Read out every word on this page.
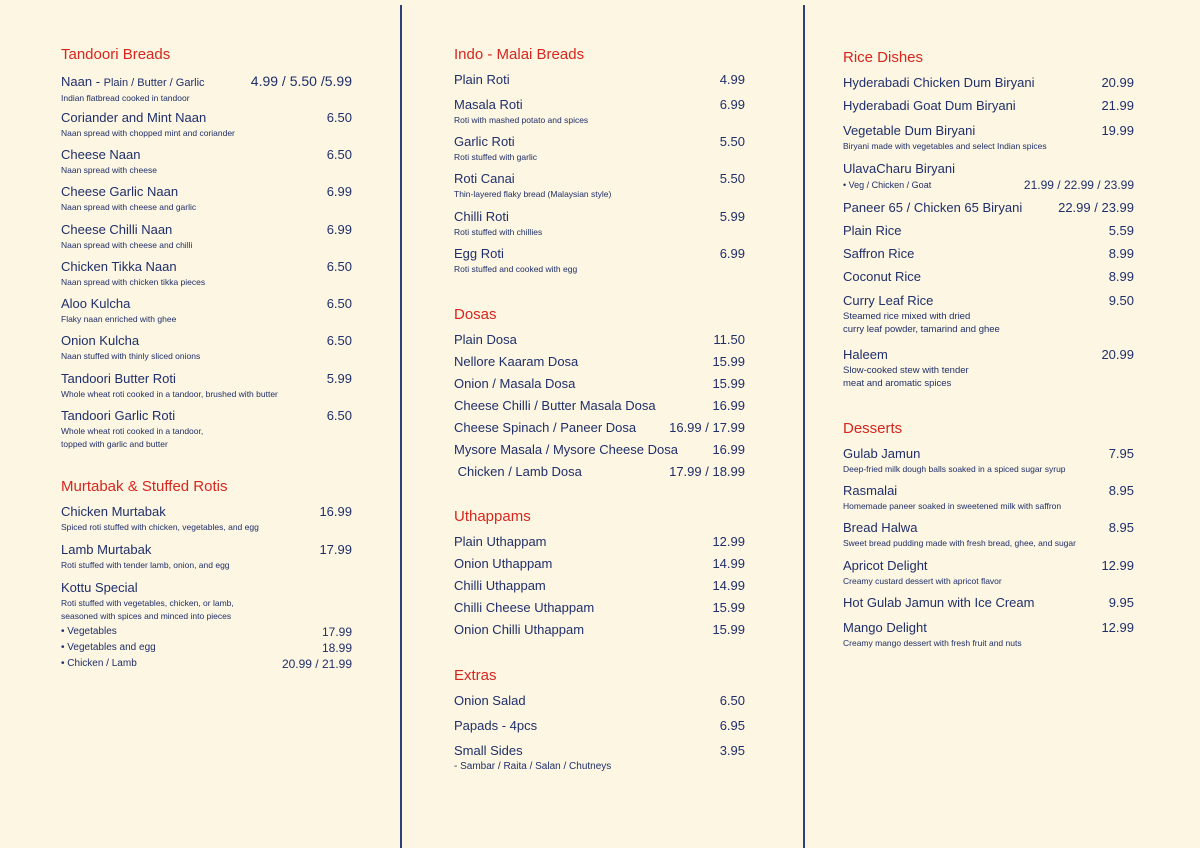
Tandoori Breads
Naan - Plain / Butter / Garlic	4.99 / 5.50 /5.99
Indian flatbread cooked in tandoor
Coriander and Mint Naan	6.50
Naan spread with chopped mint and coriander
Cheese Naan	6.50
Naan spread with cheese
Cheese Garlic Naan	6.99
Naan spread with cheese and garlic
Cheese Chilli Naan	6.99
Naan spread with cheese and chilli
Chicken Tikka Naan	6.50
Naan spread with chicken tikka pieces
Aloo Kulcha	6.50
Flaky naan enriched with ghee
Onion Kulcha	6.50
Naan stuffed with thinly sliced onions
Tandoori Butter Roti	5.99
Whole wheat roti cooked in a tandoor, brushed with butter
Tandoori Garlic Roti	6.50
Whole wheat roti cooked in a tandoor,
topped with garlic and butter
Murtabak & Stuffed Rotis
Chicken Murtabak	16.99
Spiced roti stuffed with chicken, vegetables, and egg
Lamb Murtabak	17.99
Roti stuffed with tender lamb, onion, and egg
Kottu Special
Roti stuffed with vegetables, chicken, or lamb,
seasoned with spices and minced into pieces
• Vegetables	17.99
• Vegetables and egg	18.99
• Chicken / Lamb	20.99 / 21.99
Indo - Malai Breads
Plain Roti	4.99
Masala Roti	6.99
Roti with mashed potato and spices
Garlic Roti	5.50
Roti stuffed with garlic
Roti Canai	5.50
Thin-layered flaky bread (Malaysian style)
Chilli Roti	5.99
Roti stuffed with chillies
Egg Roti	6.99
Roti stuffed and cooked with egg
Dosas
Plain Dosa	11.50
Nellore Kaaram Dosa	15.99
Onion / Masala Dosa	15.99
Cheese Chilli / Butter Masala Dosa	16.99
Cheese Spinach / Paneer Dosa	16.99 / 17.99
Mysore Masala / Mysore Cheese Dosa	16.99
Chicken / Lamb Dosa	17.99 / 18.99
Uthappams
Plain Uthappam	12.99
Onion Uthappam	14.99
Chilli Uthappam	14.99
Chilli Cheese Uthappam	15.99
Onion Chilli Uthappam	15.99
Extras
Onion Salad	6.50
Papads - 4pcs	6.95
Small Sides	3.95
- Sambar / Raita / Salan / Chutneys
Rice Dishes
Hyderabadi Chicken Dum Biryani	20.99
Hyderabadi Goat Dum Biryani	21.99
Vegetable Dum Biryani	19.99
Biryani made with vegetables and select Indian spices
UlavaCharu Biryani
• Veg / Chicken / Goat	21.99 / 22.99 / 23.99
Paneer 65 / Chicken 65 Biryani	22.99 / 23.99
Plain Rice	5.59
Saffron Rice	8.99
Coconut Rice	8.99
Curry Leaf Rice	9.50
Steamed rice mixed with dried
curry leaf powder, tamarind and ghee
Haleem	20.99
Slow-cooked stew with tender
meat and aromatic spices
Desserts
Gulab Jamun	7.95
Deep-fried milk dough balls soaked in a spiced sugar syrup
Rasmalai	8.95
Homemade paneer soaked in sweetened milk with saffron
Bread Halwa	8.95
Sweet bread pudding made with fresh bread, ghee, and sugar
Apricot Delight	12.99
Creamy custard dessert with apricot flavor
Hot Gulab Jamun with Ice Cream	9.95
Mango Delight	12.99
Creamy mango dessert with fresh fruit and nuts
